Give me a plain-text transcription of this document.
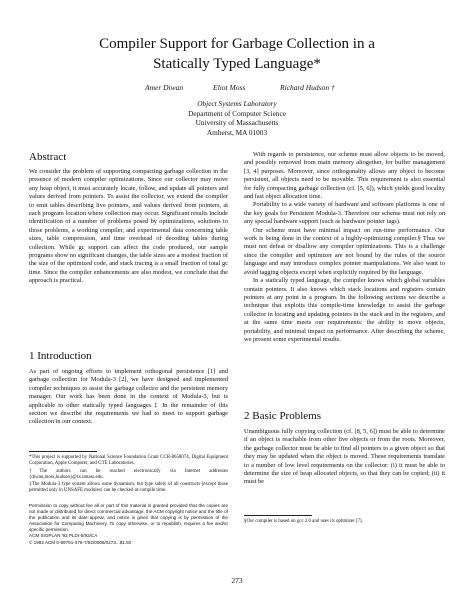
Compiler Support for Garbage Collection in a
Statically Typed Language*
Amer Diwan	Eliot Moss	Richard Hudson †
Object Systems Laboratory
Department of Computer Science
University of Massachusetts
Amherst, MA 01003
Abstract

We consider the problem of supporting compacting garbage collection in the presence of modern compiler optimizations. Since our collector may move any heap object, it must accurately locate, follow, and update all pointers and values derived from pointers. To assist the collector, we extend the compiler to emit tables describing live pointers, and values derived from pointers, at each program location where collection may occur. Significant results include identification of a number of problems posed by optimizations, solutions to those problems, a working compiler, and experimental data concerning table sizes, table compression, and time overhead of decoding tables during collection. While gc support can affect the code produced, our sample programs show no significant changes, the table sizes are a modest fraction of the size of the optimized code, and stack tracing is a small fraction of total gc time. Since the compiler enhancements are also modest, we conclude that the approach is practical.

1 Introduction

As part of ongoing efforts to implement orthogonal persistence [1] and garbage collection for Modula-3 [2], we have designed and implemented compiler techniques to assist the garbage collector and the persistent memory manager. Our work has been done in the context of Modula-3, but is applicable to other statically typed languages.‡ In the remainder of this section we describe the requirements we had to meet to support garbage collection in our context.

*This project is supported by National Science Foundation Grant CCR-8658074, Digital Equipment Corporation, Apple Computer, and GTE Laboratories.

†The authors can be reached electronically via Internet addresses {diwan,moss,hudson}@cs.umass.edu.

‡The Modula-3 type system allows some dynamism, but type safety of all constructs (except those permitted only in UNSAFE modules) can be checked at compile time.

Permission to copy without fee all or part of this material is granted provided that the copies are not made or distributed for direct commercial advantage, the ACM copyright notice and the title of the publication and its date appear, and notice is given that copying is by permission of the Association for Computing Machinery. To copy otherwise, or to republish, requires a fee and/or specific permission.

ACM SIGPLAN '92 PLDI-6/92/CA

© 1992 ACM 0-89791-476-7/92/0006/0273...$1.50

With regards to persistence, our scheme must allow objects to be moved, and possibly removed from main memory altogether, for buffer management [3, 4] purposes. Moreover, since orthogonality allows any object to become persistent, all objects need to be movable. This requirement is also essential for fully compacting garbage collection (cf. [5, 6]), which yields good locality and fast object allocation time.

Portability to a wide variety of hardware and software platforms is one of the key goals for Persistent Modula-3. Therefore our scheme must not rely on any special hardware support (such as hardware pointer tags).

Our scheme must have minimal impact on run-time performance. Our work is being done in the context of a highly-optimizing compiler.§ Thus we must not defeat or disallow any compiler optimizations. This is a challenge since the compiler and optimizer are not bound by the rules of the source language and may introduce complex pointer manipulations. We also want to avoid tagging objects except when explicitly required by the language.

In a statically typed language, the compiler knows which global variables contain pointers. It also knows which stack locations and registers contain pointers at any point in a program. In the following sections we describe a technique that exploits this compile-time knowledge to assist the garbage collector in locating and updating pointers in the stack and in the registers, and at the same time meets our requirements: the ability to move objects, portability, and minimal impact on performance. After describing the scheme, we present some experimental results.

2 Basic Problems

Unambiguous fully copying collection (cf. [8, 5, 6]) must be able to determine if an object is reachable from other live objects or from the roots. Moreover, the garbage collector must be able to find all pointers to a given object so that they may be updated when the object is moved. These requirements translate to a number of low level requirements on the collector: (i) it must be able to determine the size of heap allocated objects, so that they can be copied; (ii) it must be

§Our compiler is based on gcc 2.0 and uses its optimizer [7].
273
